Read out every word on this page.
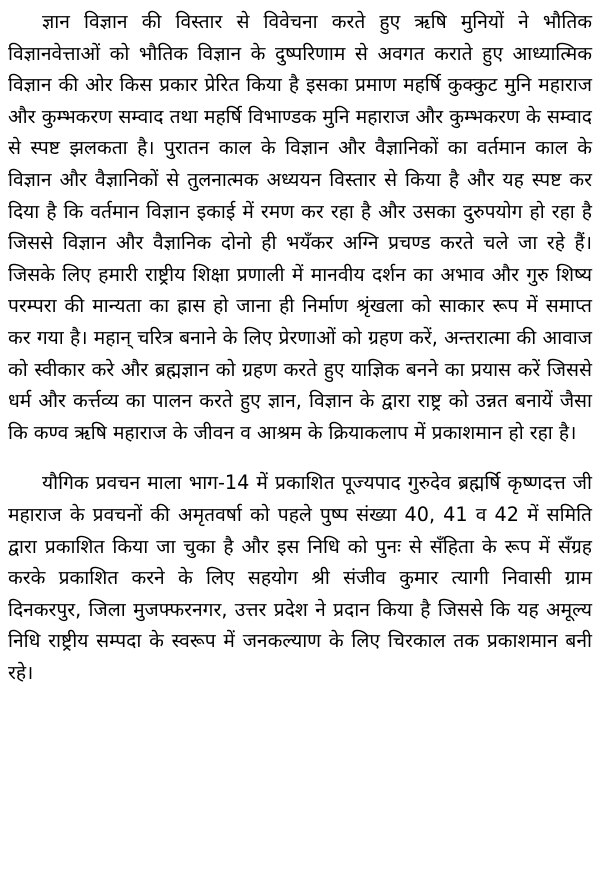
ज्ञान विज्ञान की विस्तार से विवेचना करते हुए ऋषि मुनियों ने भौतिक विज्ञानवेत्ताओं को भौतिक विज्ञान के दुष्परिणाम से अवगत कराते हुए आध्यात्मिक विज्ञान की ओर किस प्रकार प्रेरित किया है इसका प्रमाण महर्षि कुक्कुट मुनि महाराज और कुम्भकरण सम्वाद तथा महर्षि विभाण्डक मुनि महाराज और कुम्भकरण के सम्वाद से स्पष्ट झलकता है। पुरातन काल के विज्ञान और वैज्ञानिकों का वर्तमान काल के विज्ञान और वैज्ञानिकों से तुलनात्मक अध्ययन विस्तार से किया है और यह स्पष्ट कर दिया है कि वर्तमान विज्ञान इकाई में रमण कर रहा है और उसका दुरुपयोग हो रहा है जिससे विज्ञान और वैज्ञानिक दोनो ही भयँकर अग्नि प्रचण्ड करते चले जा रहे हैं। जिसके लिए हमारी राष्ट्रीय शिक्षा प्रणाली में मानवीय दर्शन का अभाव और गुरु शिष्य परम्परा की मान्यता का ह्रास हो जाना ही निर्माण श्रृंखला को साकार रूप में समाप्त कर गया है। महान् चरित्र बनाने के लिए प्रेरणाओं को ग्रहण करें, अन्तरात्मा की आवाज को स्वीकार करे और ब्रह्मज्ञान को ग्रहण करते हुए याज्ञिक बनने का प्रयास करें जिससे धर्म और कर्त्तव्य का पालन करते हुए ज्ञान, विज्ञान के द्वारा राष्ट्र को उन्नत बनायें जैसा कि कण्व ऋषि महाराज के जीवन व आश्रम के क्रियाकलाप में प्रकाशमान हो रहा है।

यौगिक प्रवचन माला भाग-14 में प्रकाशित पूज्यपाद गुरुदेव ब्रह्मर्षि कृष्णदत्त जी महाराज के प्रवचनों की अमृतवर्षा को पहले पुष्प संख्या 40, 41 व 42 में समिति द्वारा प्रकाशित किया जा चुका है और इस निधि को पुनः से सँहिता के रूप में सँग्रह करके प्रकाशित करने के लिए सहयोग श्री संजीव कुमार त्यागी निवासी ग्राम दिनकरपुर, जिला मुजफ्फरनगर, उत्तर प्रदेश ने प्रदान किया है जिससे कि यह अमूल्य निधि राष्ट्रीय सम्पदा के स्वरूप में जनकल्याण के लिए चिरकाल तक प्रकाशमान बनी रहे।
